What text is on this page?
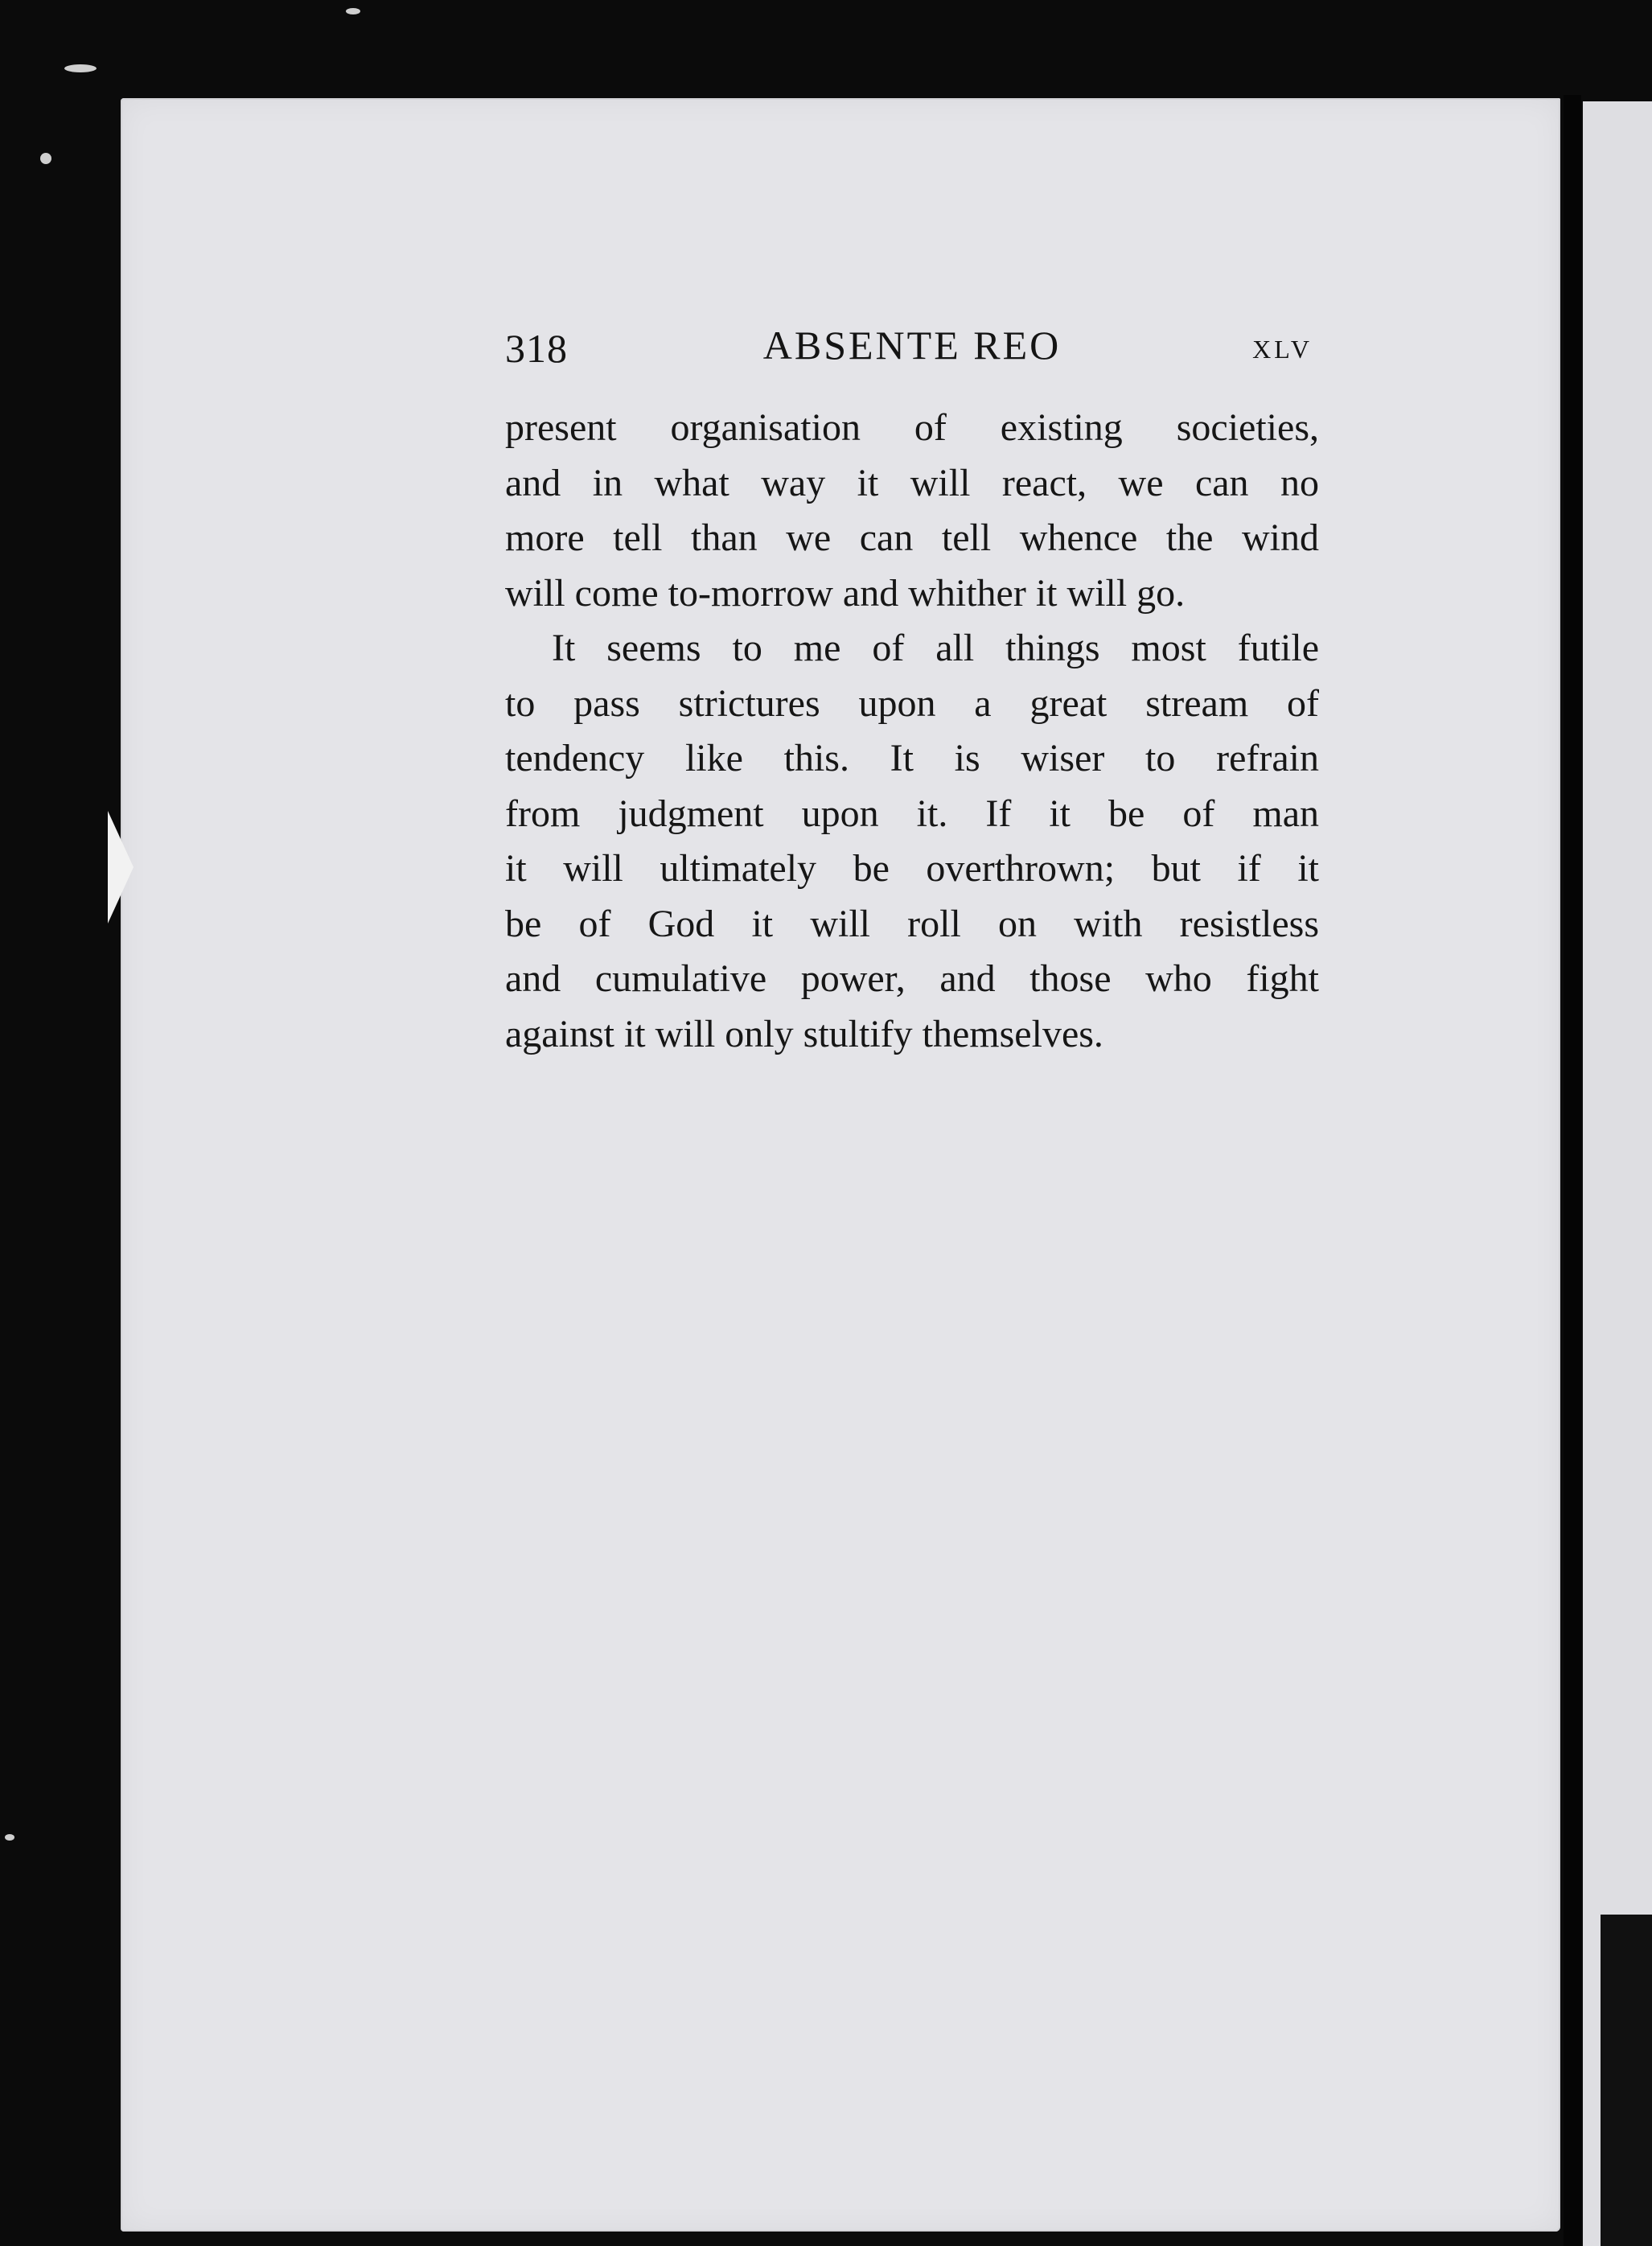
318	ABSENTE REO	XLV
present organisation of existing societies,
and in what way it will react, we can no
more tell than we can tell whence the wind
will come to-morrow and whither it will go.
It seems to me of all things most futile
to pass strictures upon a great stream of
tendency like this. It is wiser to refrain
from judgment upon it. If it be of man
it will ultimately be overthrown; but if it
be of God it will roll on with resistless
and cumulative power, and those who fight
against it will only stultify themselves.
